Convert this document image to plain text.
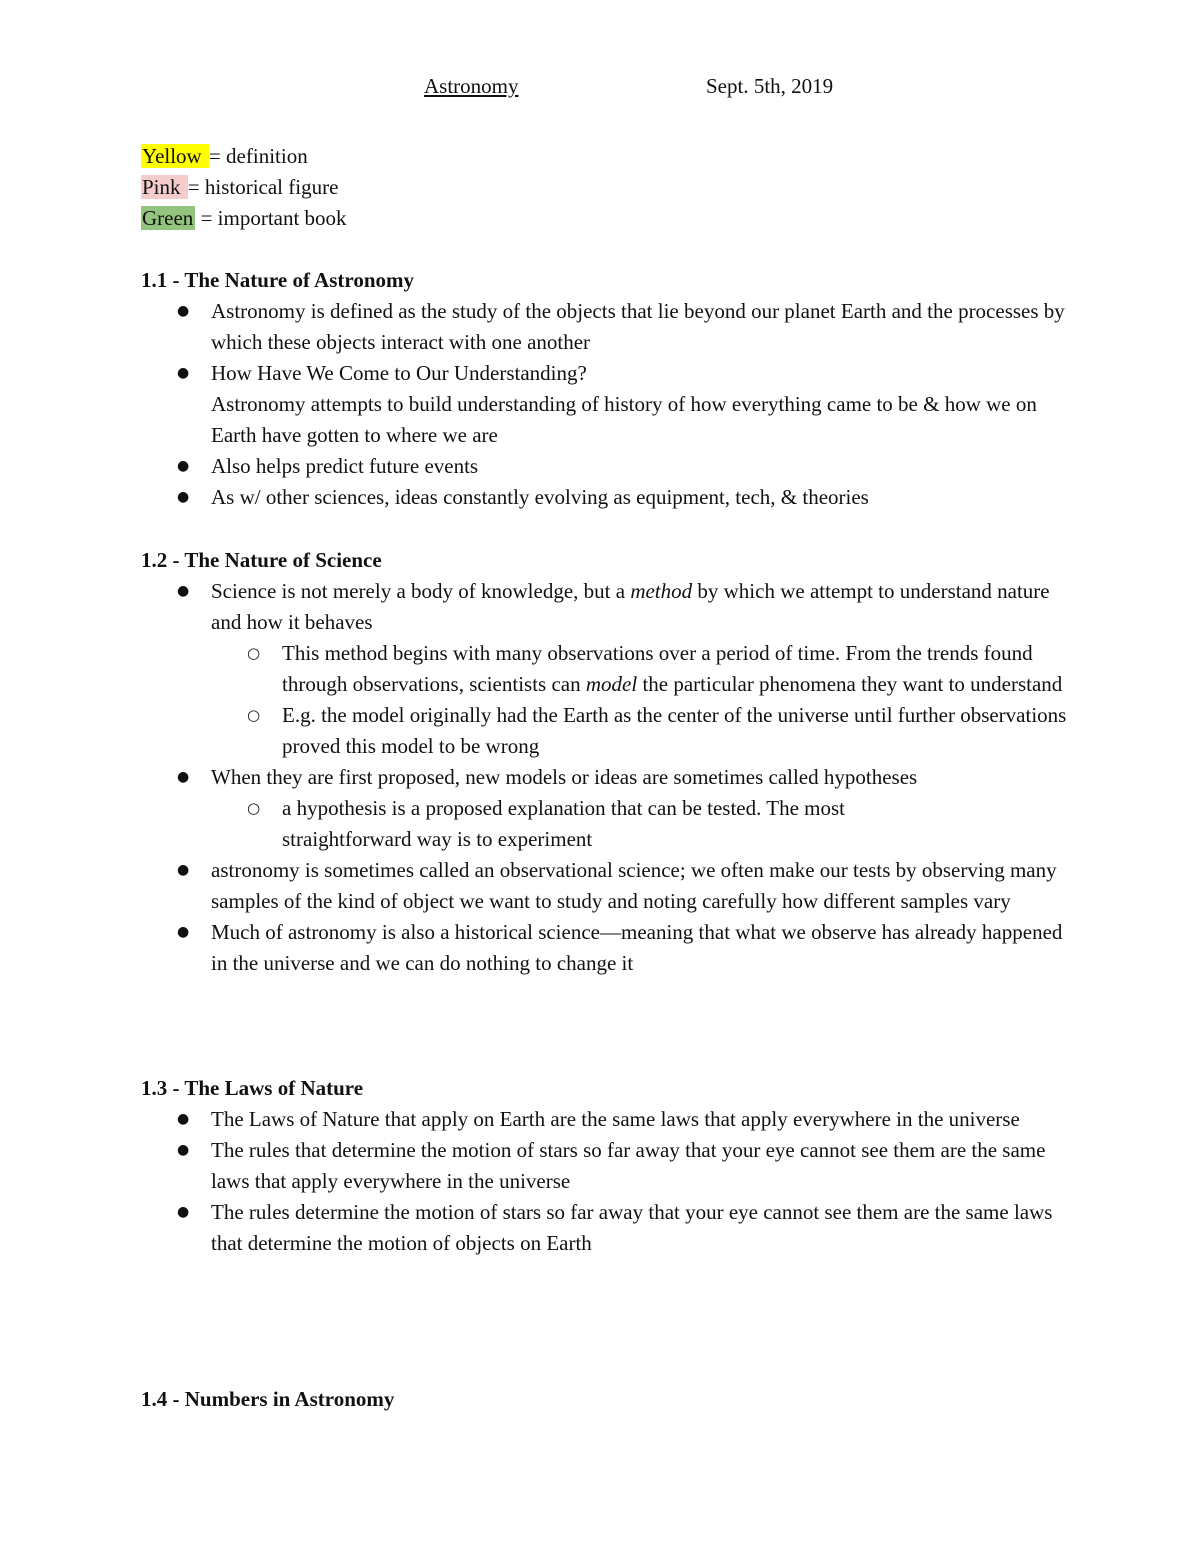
Astronomy	Sept. 5th, 2019
Yellow = definition
Pink = historical figure
Green = important book
1.1 - The Nature of Astronomy
● Astronomy is defined as the study of the objects that lie beyond our planet Earth and the processes by which these objects interact with one another
● How Have We Come to Our Understanding?
Astronomy attempts to build understanding of history of how everything came to be & how we on Earth have gotten to where we are
● Also helps predict future events
● As w/ other sciences, ideas constantly evolving as equipment, tech, & theories
1.2 - The Nature of Science
● Science is not merely a body of knowledge, but a method by which we attempt to understand nature and how it behaves
○ This method begins with many observations over a period of time. From the trends found through observations, scientists can model the particular phenomena they want to understand
○ E.g. the model originally had the Earth as the center of the universe until further observations proved this model to be wrong
● When they are first proposed, new models or ideas are sometimes called hypotheses
○ a hypothesis is a proposed explanation that can be tested. The most straightforward way is to experiment
● astronomy is sometimes called an observational science; we often make our tests by observing many samples of the kind of object we want to study and noting carefully how different samples vary
● Much of astronomy is also a historical science—meaning that what we observe has already happened in the universe and we can do nothing to change it
1.3 - The Laws of Nature
● The Laws of Nature that apply on Earth are the same laws that apply everywhere in the universe
● The rules that determine the motion of stars so far away that your eye cannot see them are the same laws that apply everywhere in the universe
● The rules determine the motion of stars so far away that your eye cannot see them are the same laws that determine the motion of objects on Earth
1.4 - Numbers in Astronomy
